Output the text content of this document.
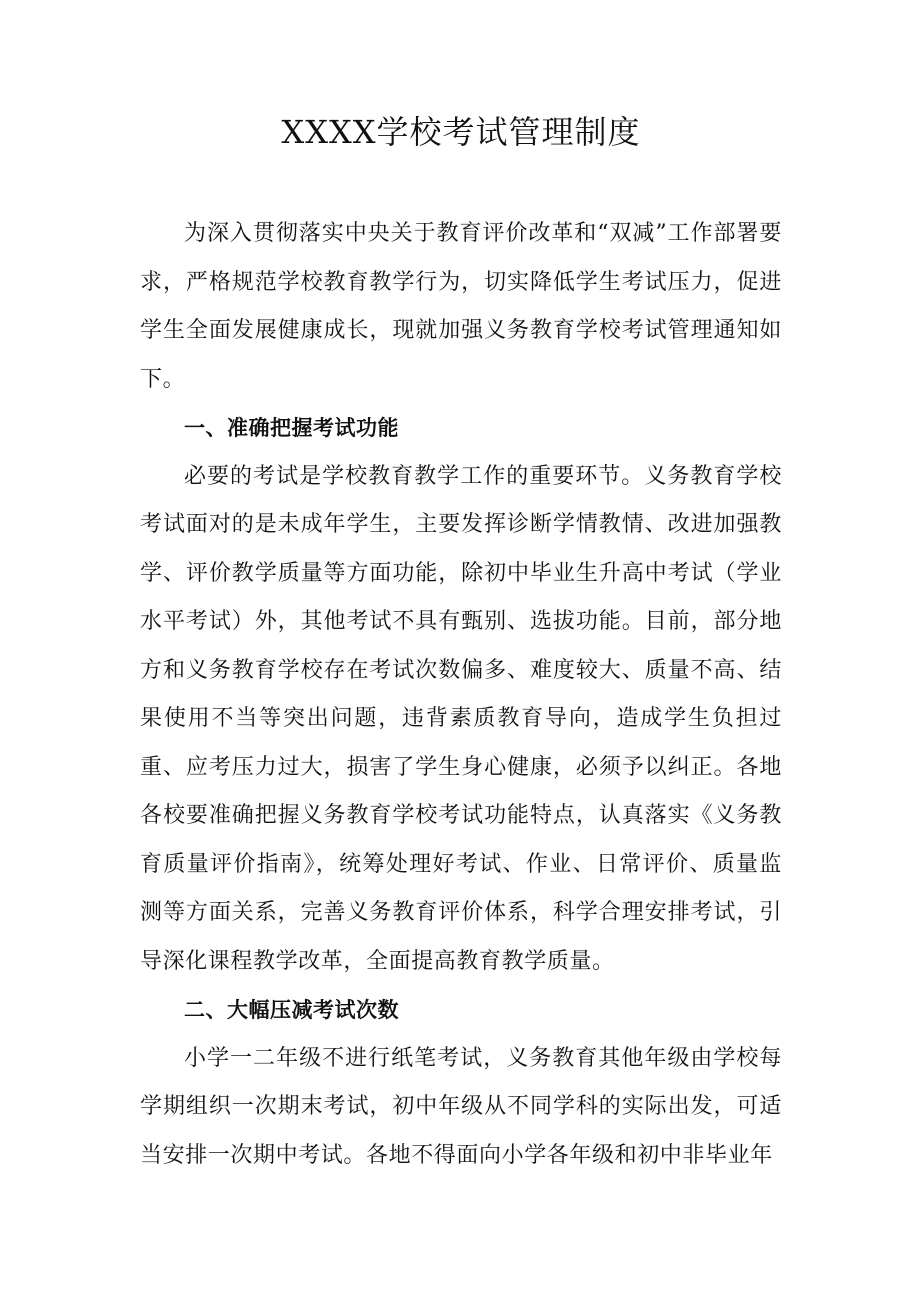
XXXX学校考试管理制度

为深入贯彻落实中央关于教育评价改革和“双减”工作部署要求，严格规范学校教育教学行为，切实降低学生考试压力，促进学生全面发展健康成长，现就加强义务教育学校考试管理通知如下。

一、准确把握考试功能

必要的考试是学校教育教学工作的重要环节。义务教育学校考试面对的是未成年学生，主要发挥诊断学情教情、改进加强教学、评价教学质量等方面功能，除初中毕业生升高中考试（学业水平考试）外，其他考试不具有甄别、选拔功能。目前，部分地方和义务教育学校存在考试次数偏多、难度较大、质量不高、结果使用不当等突出问题，违背素质教育导向，造成学生负担过重、应考压力过大，损害了学生身心健康，必须予以纠正。各地各校要准确把握义务教育学校考试功能特点，认真落实《义务教育质量评价指南》，统筹处理好考试、作业、日常评价、质量监测等方面关系，完善义务教育评价体系，科学合理安排考试，引导深化课程教学改革，全面提高教育教学质量。

二、大幅压减考试次数

小学一二年级不进行纸笔考试，义务教育其他年级由学校每学期组织一次期末考试，初中年级从不同学科的实际出发，可适当安排一次期中考试。各地不得面向小学各年级和初中非毕业年
